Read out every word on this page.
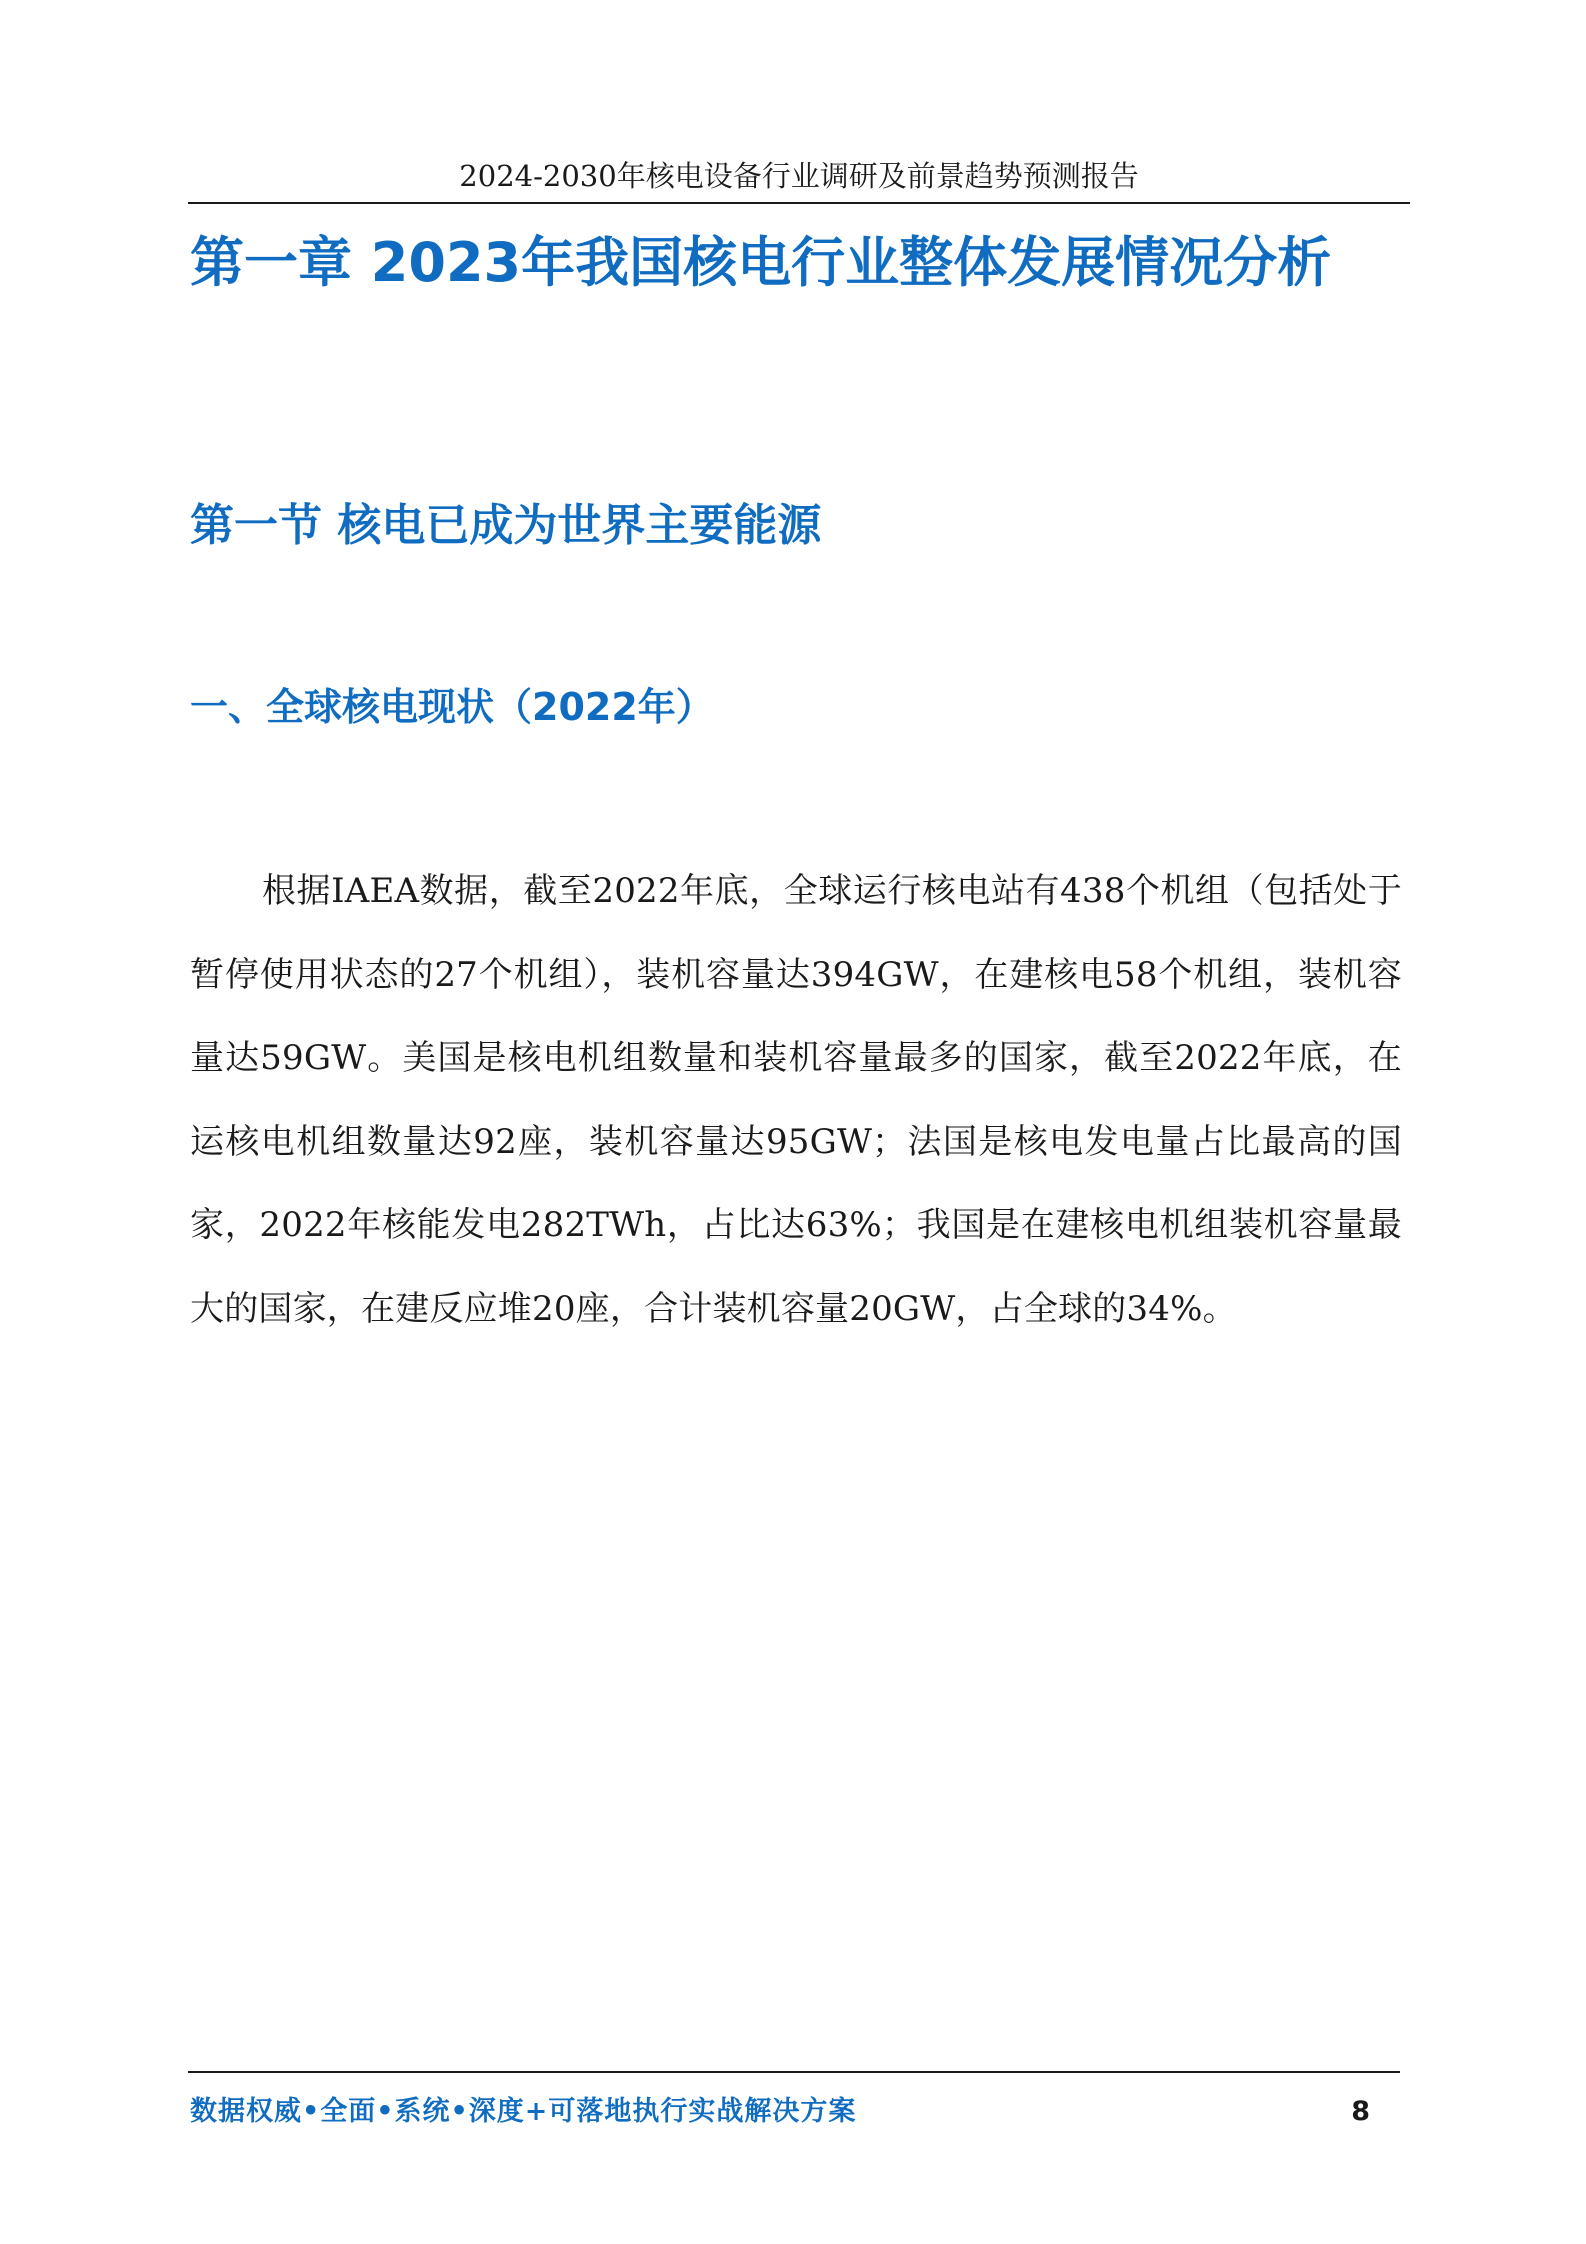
2024-2030年核电设备行业调研及前景趋势预测报告
第一章 2023年我国核电行业整体发展情况分析
第一节 核电已成为世界主要能源
一、全球核电现状（2022年）

根据IAEA数据，截至2022年底，全球运行核电站有438个机组（包括处于暂停使用状态的27个机组），装机容量达394GW，在建核电58个机组，装机容量达59GW。美国是核电机组数量和装机容量最多的国家，截至2022年底，在运核电机组数量达92座，装机容量达95GW；法国是核电发电量占比最高的国家，2022年核能发电282TWh，占比达63%；我国是在建核电机组装机容量最大的国家，在建反应堆20座，合计装机容量20GW，占全球的34%。

数据权威•全面•系统•深度+可落地执行实战解决方案	8
